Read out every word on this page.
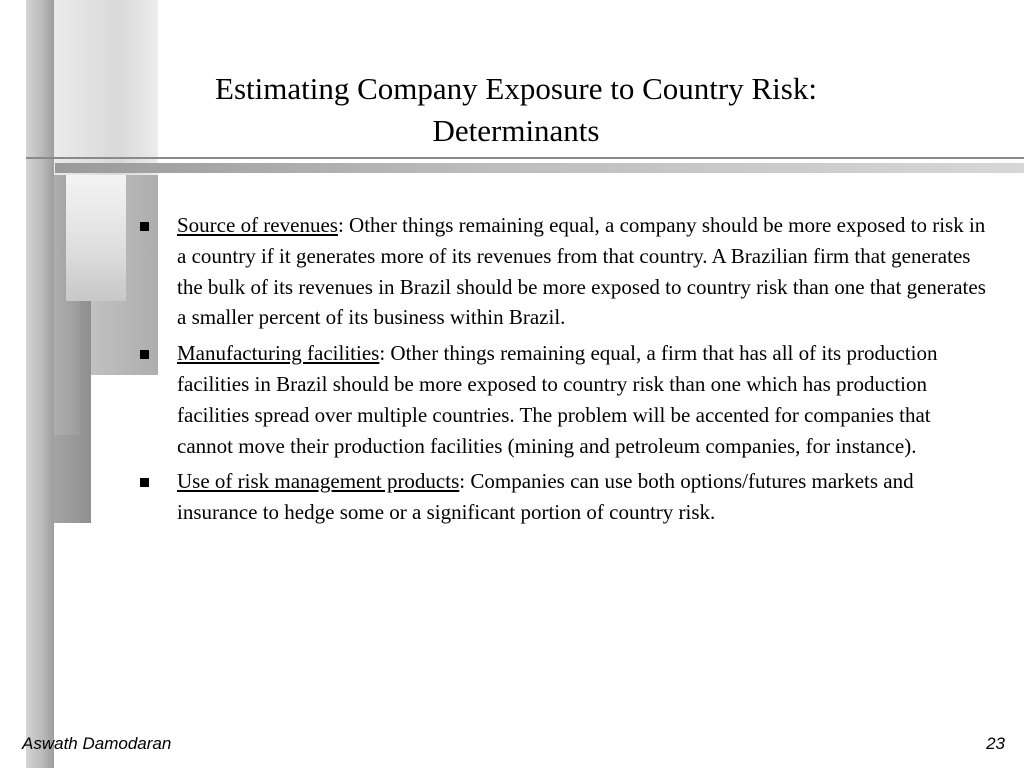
Estimating Company Exposure to Country Risk:
Determinants
Source of revenues: Other things remaining equal, a company should be more exposed to risk in a country if it generates more of its revenues from that country. A Brazilian firm that generates the bulk of its revenues in Brazil should be more exposed to country risk than one that generates a smaller percent of its business within Brazil.
Manufacturing facilities: Other things remaining equal, a firm that has all of its production facilities in Brazil should be more exposed to country risk than one which has production facilities spread over multiple countries. The problem will be accented for companies that cannot move their production facilities (mining and petroleum companies, for instance).
Use of risk management products: Companies can use both options/futures markets and insurance to hedge some or a significant portion of country risk.
Aswath Damodaran	23
